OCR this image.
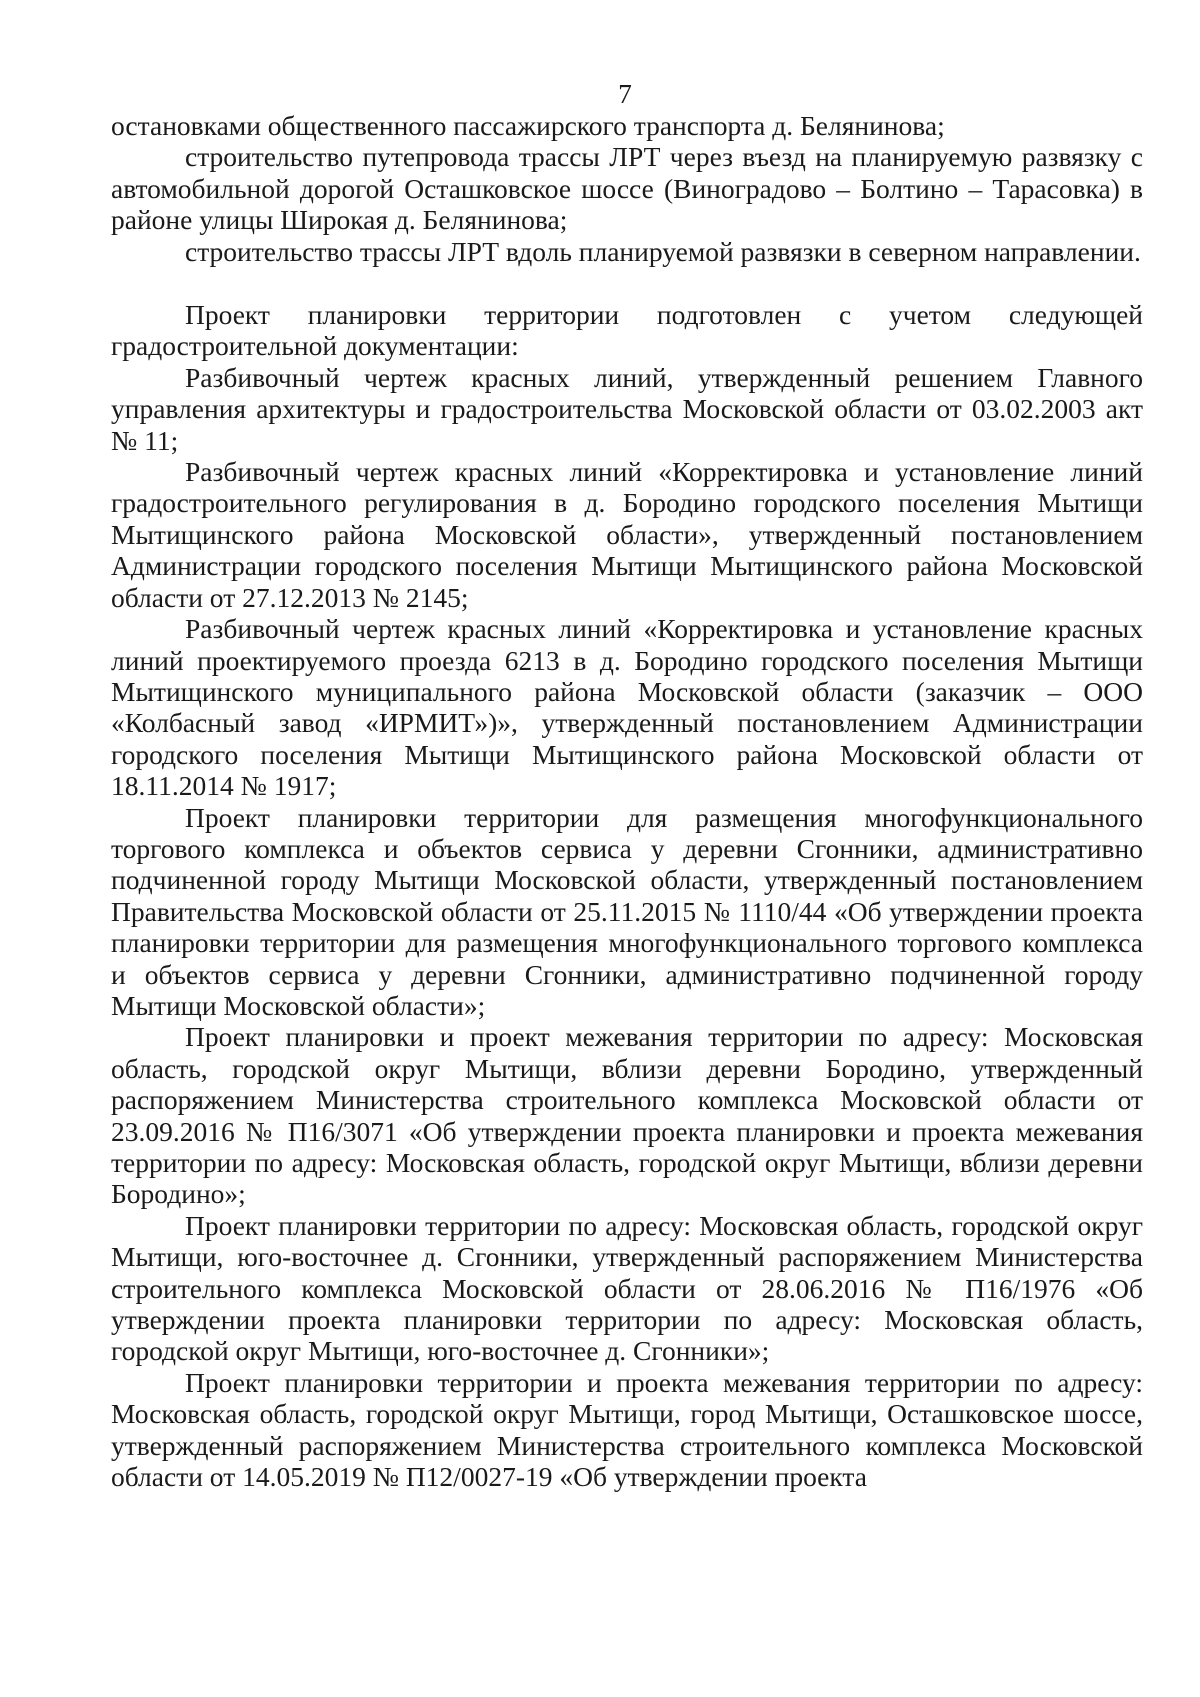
7

остановками общественного пассажирского транспорта д. Белянинова;

строительство путепровода трассы ЛРТ через въезд на планируемую развязку с автомобильной дорогой Осташковское шоссе (Виноградово – Болтино – Тарасовка) в районе улицы Широкая д. Белянинова;

строительство трассы ЛРТ вдоль планируемой развязки в северном направлении.

Проект планировки территории подготовлен с учетом следующей градостроительной документации:

Разбивочный чертеж красных линий, утвержденный решением Главного управления архитектуры и градостроительства Московской области от 03.02.2003 акт № 11;

Разбивочный чертеж красных линий «Корректировка и установление линий градостроительного регулирования в д. Бородино городского поселения Мытищи Мытищинского района Московской области», утвержденный постановлением Администрации городского поселения Мытищи Мытищинского района Московской области от 27.12.2013 № 2145;

Разбивочный чертеж красных линий «Корректировка и установление красных линий проектируемого проезда 6213 в д. Бородино городского поселения Мытищи Мытищинского муниципального района Московской области (заказчик – ООО «Колбасный завод «ИРМИТ»)», утвержденный постановлением Администрации городского поселения Мытищи Мытищинского района Московской области от 18.11.2014 № 1917;

Проект планировки территории для размещения многофункционального торгового комплекса и объектов сервиса у деревни Сгонники, административно подчиненной городу Мытищи Московской области, утвержденный постановлением Правительства Московской области от 25.11.2015 № 1110/44 «Об утверждении проекта планировки территории для размещения многофункционального торгового комплекса и объектов сервиса у деревни Сгонники, административно подчиненной городу Мытищи Московской области»;

Проект планировки и проект межевания территории по адресу: Московская область, городской округ Мытищи, вблизи деревни Бородино, утвержденный распоряжением Министерства строительного комплекса Московской области от 23.09.2016 № П16/3071 «Об утверждении проекта планировки и проекта межевания территории по адресу: Московская область, городской округ Мытищи, вблизи деревни Бородино»;

Проект планировки территории по адресу: Московская область, городской округ Мытищи, юго-восточнее д. Сгонники, утвержденный распоряжением Министерства строительного комплекса Московской области от 28.06.2016 № П16/1976 «Об утверждении проекта планировки территории по адресу: Московская область, городской округ Мытищи, юго-восточнее д. Сгонники»;

Проект планировки территории и проекта межевания территории по адресу: Московская область, городской округ Мытищи, город Мытищи, Осташковское шоссе, утвержденный распоряжением Министерства строительного комплекса Московской области от 14.05.2019 № П12/0027-19 «Об утверждении проекта
